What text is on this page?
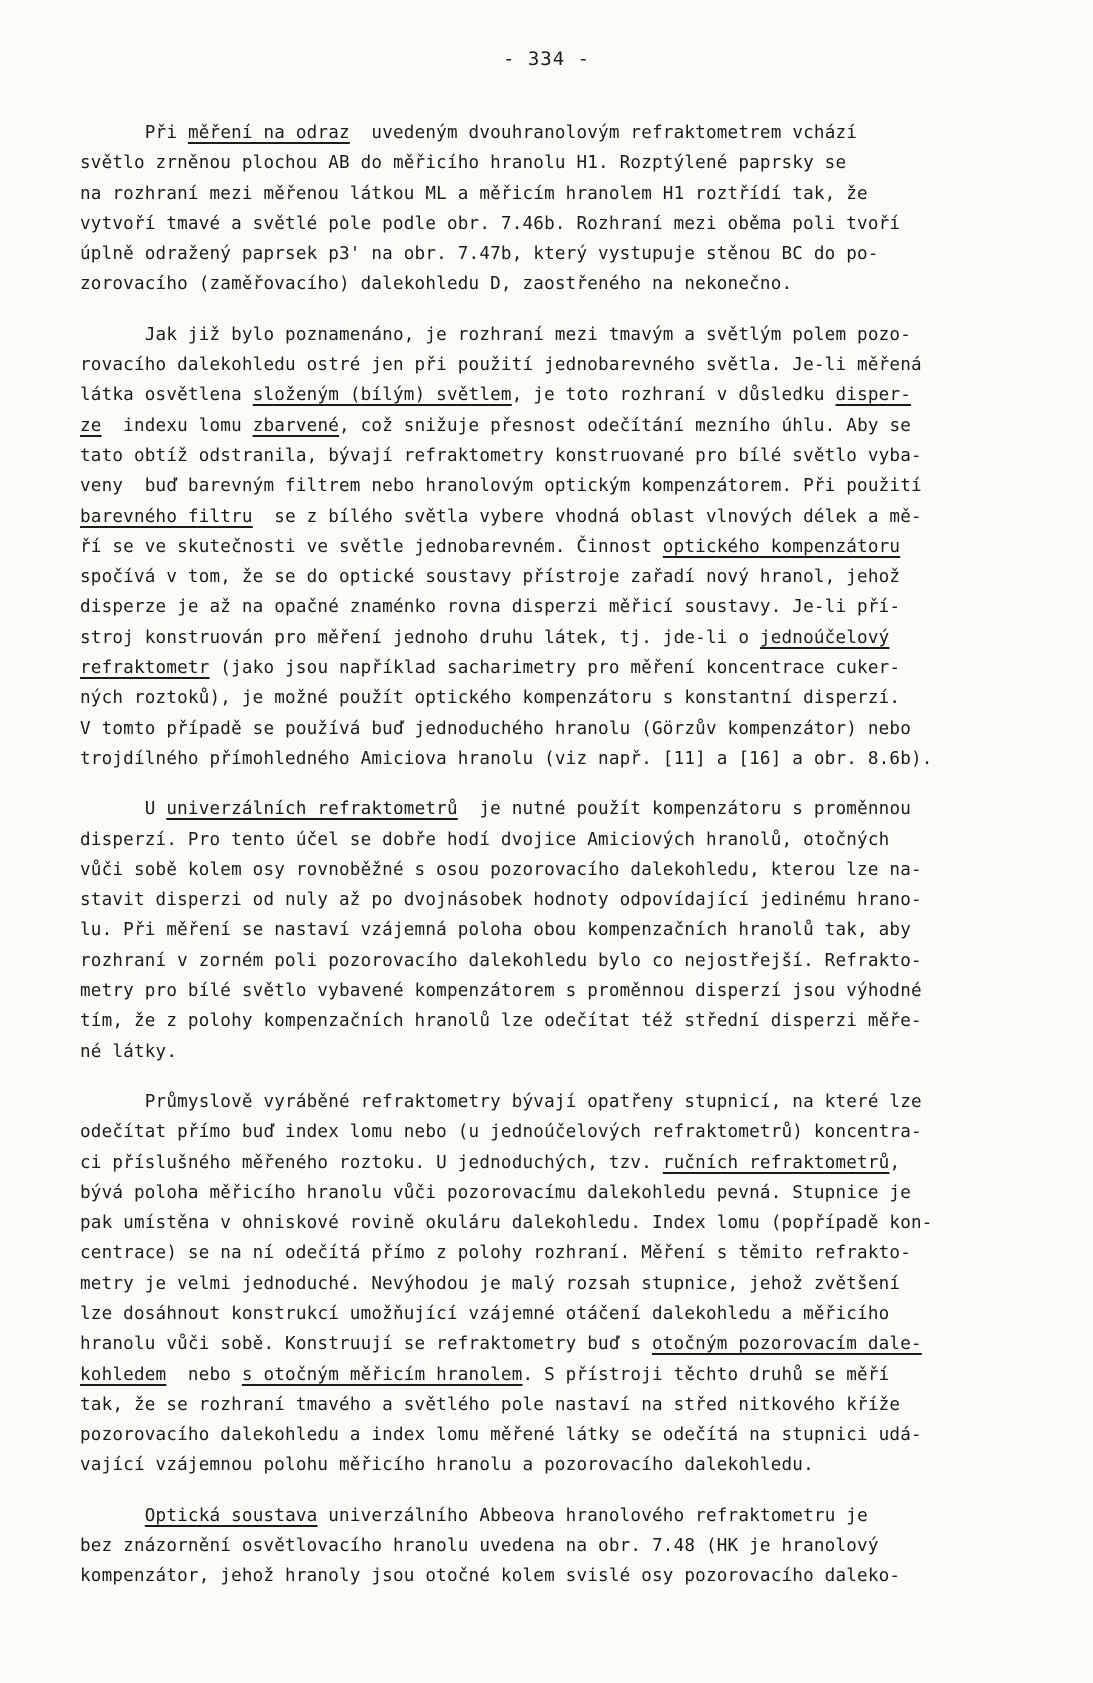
- 334 -
Při měření na odraz  uvedeným dvouhranolovým refraktometrem vchází
světlo zrněnou plochou AB do měřicího hranolu H1. Rozptýlené paprsky se
na rozhraní mezi měřenou látkou ML a měřicím hranolem H1 roztřídí tak, že
vytvoří tmavé a světlé pole podle obr. 7.46b. Rozhraní mezi oběma poli tvoří
úplně odražený paprsek p3' na obr. 7.47b, který vystupuje stěnou BC do po-
zorovacího (zaměřovacího) dalekohledu D, zaostřeného na nekonečno.
Jak již bylo poznamenáno, je rozhraní mezi tmavým a světlým polem pozo-
rovacího dalekohledu ostré jen při použití jednobarevného světla. Je-li měřená
látka osvětlena složeným (bílým) světlem, je toto rozhraní v důsledku disper-
ze  indexu lomu zbarvené, což snižuje přesnost odečítání mezního úhlu. Aby se
tato obtíž odstranila, bývají refraktometry konstruované pro bílé světlo vyba-
veny  buď barevným filtrem nebo hranolovým optickým kompenzátorem. Při použití
barevného filtru  se z bílého světla vybere vhodná oblast vlnových délek a mě-
ří se ve skutečnosti ve světle jednobarevném. Činnost optického kompenzátoru
spočívá v tom, že se do optické soustavy přístroje zařadí nový hranol, jehož
disperze je až na opačné znaménko rovna disperzi měřicí soustavy. Je-li pří-
stroj konstruován pro měření jednoho druhu látek, tj. jde-li o jednoúčelový
refraktometr (jako jsou například sacharimetry pro měření koncentrace cuker-
ných roztoků), je možné použít optického kompenzátoru s konstantní disperzí.
V tomto případě se používá buď jednoduchého hranolu (Görzův kompenzátor) nebo
trojdílného přímohledného Amiciova hranolu (viz např. [11] a [16] a obr. 8.6b).
U univerzálních refraktometrů  je nutné použít kompenzátoru s proměnnou
disperzí. Pro tento účel se dobře hodí dvojice Amiciových hranolů, otočných
vůči sobě kolem osy rovnoběžné s osou pozorovacího dalekohledu, kterou lze na-
stavit disperzi od nuly až po dvojnásobek hodnoty odpovídající jedinému hrano-
lu. Při měření se nastaví vzájemná poloha obou kompenzačních hranolů tak, aby
rozhraní v zorném poli pozorovacího dalekohledu bylo co nejostřejší. Refrakto-
metry pro bílé světlo vybavené kompenzátorem s proměnnou disperzí jsou výhodné
tím, že z polohy kompenzačních hranolů lze odečítat též střední disperzi měře-
né látky.
Průmyslově vyráběné refraktometry bývají opatřeny stupnicí, na které lze
odečítat přímo buď index lomu nebo (u jednoúčelových refraktometrů) koncentra-
ci příslušného měřeného roztoku. U jednoduchých, tzv. ručních refraktometrů,
bývá poloha měřicího hranolu vůči pozorovacímu dalekohledu pevná. Stupnice je
pak umístěna v ohniskové rovině okuláru dalekohledu. Index lomu (popřípadě kon-
centrace) se na ní odečítá přímo z polohy rozhraní. Měření s těmito refrakto-
metry je velmi jednoduché. Nevýhodou je malý rozsah stupnice, jehož zvětšení
lze dosáhnout konstrukcí umožňující vzájemné otáčení dalekohledu a měřicího
hranolu vůči sobě. Konstruují se refraktometry buď s otočným pozorovacím dale-
kohledem  nebo s otočným měřicím hranolem. S přístroji těchto druhů se měří
tak, že se rozhraní tmavého a světlého pole nastaví na střed nitkového kříže
pozorovacího dalekohledu a index lomu měřené látky se odečítá na stupnici udá-
vající vzájemnou polohu měřicího hranolu a pozorovacího dalekohledu.
Optická soustava univerzálního Abbeova hranolového refraktometru je
bez znázornění osvětlovacího hranolu uvedena na obr. 7.48 (HK je hranolový
kompenzátor, jehož hranoly jsou otočné kolem svislé osy pozorovacího daleko-
